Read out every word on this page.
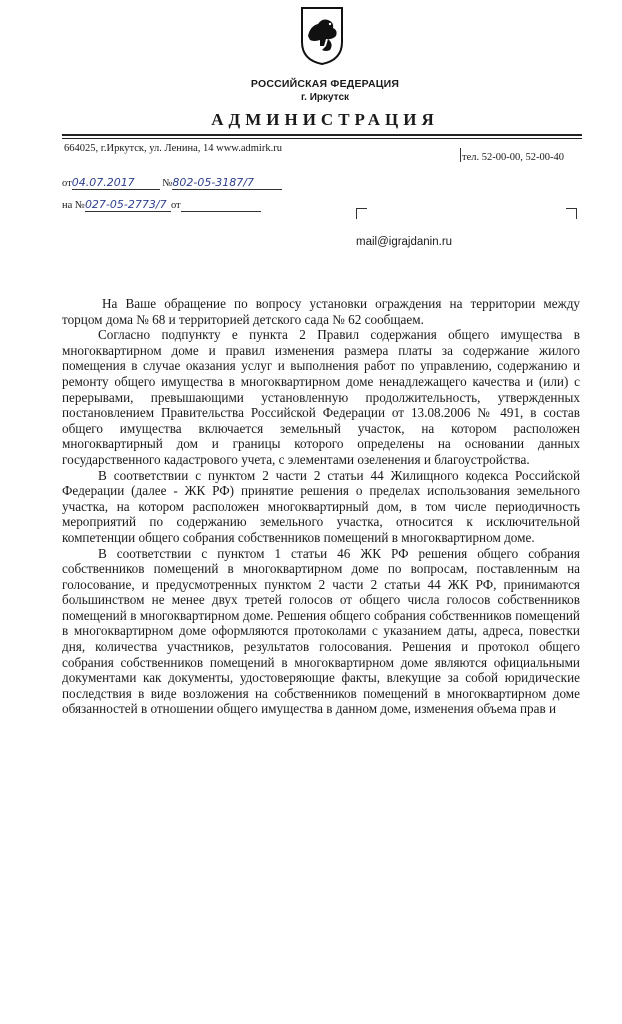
РОССИЙСКАЯ ФЕДЕРАЦИЯ
г. Иркутск
АДМИНИСТРАЦИЯ
664025, г.Иркутск, ул. Ленина, 14 www.admirk.ru
тел. 52-00-00, 52-00-40
от04.07.2017	№802-05-3187/7
на №027-05-2773/7 от
mail@igrajdanin.ru

На Ваше обращение по вопросу установки ограждения на территории между торцом дома № 68 и территорией детского сада № 62 сообщаем.

Согласно подпункту е пункта 2 Правил содержания общего имущества в многоквартирном доме и правил изменения размера платы за содержание жилого помещения в случае оказания услуг и выполнения работ по управлению, содержанию и ремонту общего имущества в многоквартирном доме ненадлежащего качества и (или) с перерывами, превышающими установленную продолжительность, утвержденных постановлением Правительства Российской Федерации от 13.08.2006 № 491, в состав общего имущества включается земельный участок, на котором расположен многоквартирный дом и границы которого определены на основании данных государственного кадастрового учета, с элементами озеленения и благоустройства.

В соответствии с пунктом 2 части 2 статьи 44 Жилищного кодекса Российской Федерации (далее - ЖК РФ) принятие решения о пределах использования земельного участка, на котором расположен многоквартирный дом, в том числе периодичность мероприятий по содержанию земельного участка, относится к исключительной компетенции общего собрания собственников помещений в многоквартирном доме.

В соответствии с пунктом 1 статьи 46 ЖК РФ решения общего собрания собственников помещений в многоквартирном доме по вопросам, поставленным на голосование, и предусмотренных пунктом 2 части 2 статьи 44 ЖК РФ, принимаются большинством не менее двух третей голосов от общего числа голосов собственников помещений в многоквартирном доме. Решения общего собрания собственников помещений в многоквартирном доме оформляются протоколами с указанием даты, адреса, повестки дня, количества участников, результатов голосования. Решения и протокол общего собрания собственников помещений в многоквартирном доме являются официальными документами как документы, удостоверяющие факты, влекущие за собой юридические последствия в виде возложения на собственников помещений в многоквартирном доме обязанностей в отношении общего имущества в данном доме, изменения объема прав и
